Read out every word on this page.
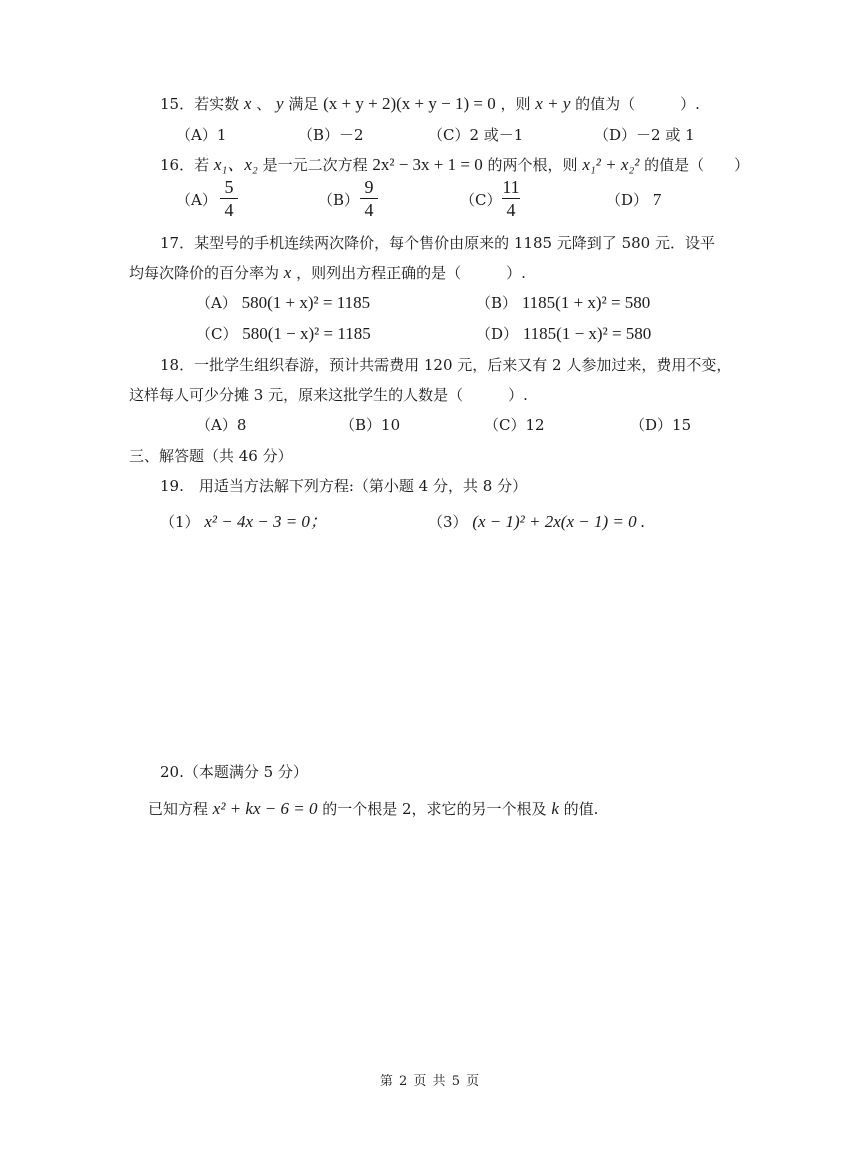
15．若实数 x 、 y 满足 (x + y + 2)(x + y − 1) = 0 ，则 x + y 的值为（　　　）.
（A）1	（B）－2	（C）2 或－1	（D）－2 或 1
16．若 x₁、x₂ 是一元二次方程 2x² − 3x + 1 = 0 的两个根，则 x₁² + x₂² 的值是（　　）
（A）
5
4	（B）
9
4	（C）
11
4	（D） 7
17．某型号的手机连续两次降价，每个售价由原来的 1185 元降到了 580 元．设平
均每次降价的百分率为 x ，则列出方程正确的是（　　　）.
（A） 580(1 + x)² = 1185	（B） 1185(1 + x)² = 580
（C） 580(1 − x)² = 1185	（D） 1185(1 − x)² = 580
18．一批学生组织春游，预计共需费用 120 元，后来又有 2 人参加过来，费用不变，
这样每人可少分摊 3 元，原来这批学生的人数是（　　　）.
（A）8	（B）10	（C）12	（D）15
三、解答题（共 46 分）
19.　用适当方法解下列方程:（第小题 4 分，共 8 分）
（1） x² − 4x − 3 = 0；	（3） (x − 1)² + 2x(x − 1) = 0 .
20.（本题满分 5 分）
已知方程 x² + kx − 6 = 0 的一个根是 2，求它的另一个根及 k 的值.
第 2 页 共 5 页
